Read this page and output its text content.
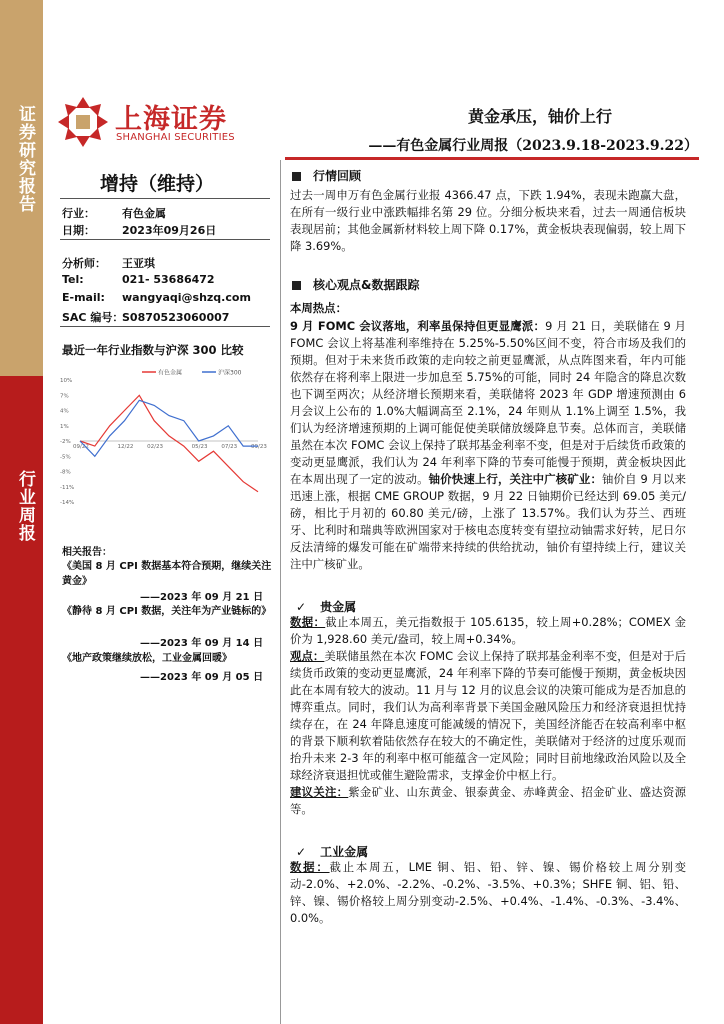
证券研究报告
行业周报
上海证券
SHANGHAI SECURITIES
黄金承压，铀价上行
——有色金属行业周报（2023.9.18-2023.9.22）
增持（维持）
行业： 有色金属
日期： 2023年09月26日
分析师： 王亚琪
Tel:	021- 53686472
E-mail: wangyaqi@shzq.com
SAC 编号：S0870523060007
最近一年行业指数与沪深 300 比较
有色金属	沪深300
10%
7%
4%
1%
-2%
-5%
-8%
-11%
-14%
09/22	12/22	02/23	05/23	07/23	09/23
相关报告：
《美国 8 月 CPI 数据基本符合预期，继续关注黄金》
——2023 年 09 月 21 日
《静待 8 月 CPI 数据，关注年为产业链标的》
——2023 年 09 月 14 日
《地产政策继续放松，工业金属回暖》
——2023 年 09 月 05 日
行情回顾
过去一周申万有色金属行业报 4366.47 点，下跌 1.94%，表现未跑赢大盘，在所有一级行业中涨跌幅排名第 29 位。分细分板块来看，过去一周通信板块表现居前；其他金属新材料较上周下降 0.17%，黄金板块表现偏弱，较上周下降 3.69%。
核心观点&数据跟踪
本周热点：
9 月 FOMC 会议落地，利率虽保持但更显鹰派：9 月 21 日，美联储在 9 月 FOMC 会议上将基准利率维持在 5.25%-5.50%区间不变，符合市场及我们的预期。但对于未来货币政策的走向较之前更显鹰派，从点阵图来看，年内可能依然存在将利率上限进一步加息至 5.75%的可能，同时 24 年隐含的降息次数也下调至两次；从经济增长预期来看，美联储将 2023 年 GDP 增速预测由 6 月会议上公布的 1.0%大幅调高至 2.1%，24 年则从 1.1%上调至 1.5%，我们认为经济增速预期的上调可能促使美联储放缓降息节奏。总体而言，美联储虽然在本次 FOMC 会议上保持了联邦基金利率不变，但是对于后续货币政策的变动更显鹰派，我们认为 24 年利率下降的节奏可能慢于预期，黄金板块因此在本周出现了一定的波动。铀价快速上行，关注中广核矿业：铀价自 9 月以来迅速上涨，根据 CME GROUP 数据，9 月 22 日铀期价已经达到 69.05 美元/磅，相比于月初的 60.80 美元/磅，上涨了 13.57%。我们认为芬兰、西班牙、比利时和瑞典等欧洲国家对于核电态度转变有望拉动铀需求好转，尼日尔反法清缔的爆发可能在矿端带来持续的供给扰动，铀价有望持续上行，建议关注中广核矿业。
✓ 贵金属
数据：截止本周五，美元指数报于 105.6135，较上周+0.28%；COMEX 金价为 1,928.60 美元/盎司，较上周+0.34%。
观点：美联储虽然在本次 FOMC 会议上保持了联邦基金利率不变，但是对于后续货币政策的变动更显鹰派，24 年利率下降的节奏可能慢于预期，黄金板块因此在本周有较大的波动。11 月与 12 月的议息会议的决策可能成为是否加息的博弈重点。同时，我们认为高利率背景下美国金融风险压力和经济衰退担忧持续存在，在 24 年降息速度可能减缓的情况下，美国经济能否在较高利率中枢的背景下顺利软着陆依然存在较大的不确定性，美联储对于经济的过度乐观而抬升未来 2-3 年的利率中枢可能蕴含一定风险；同时目前地缘政治风险以及全球经济衰退担忧或催生避险需求，支撑金价中枢上行。
建议关注：紫金矿业、山东黄金、银泰黄金、赤峰黄金、招金矿业、盛达资源等。
✓ 工业金属
数据：截止本周五，LME 铜、铝、铅、锌、镍、锡价格较上周分别变动-2.0%、+2.0%、-2.2%、-0.2%、-3.5%、+0.3%；SHFE 铜、铝、铅、锌、镍、锡价格较上周分别变动-2.5%、+0.4%、-1.4%、-0.3%、-3.4%、0.0%。
